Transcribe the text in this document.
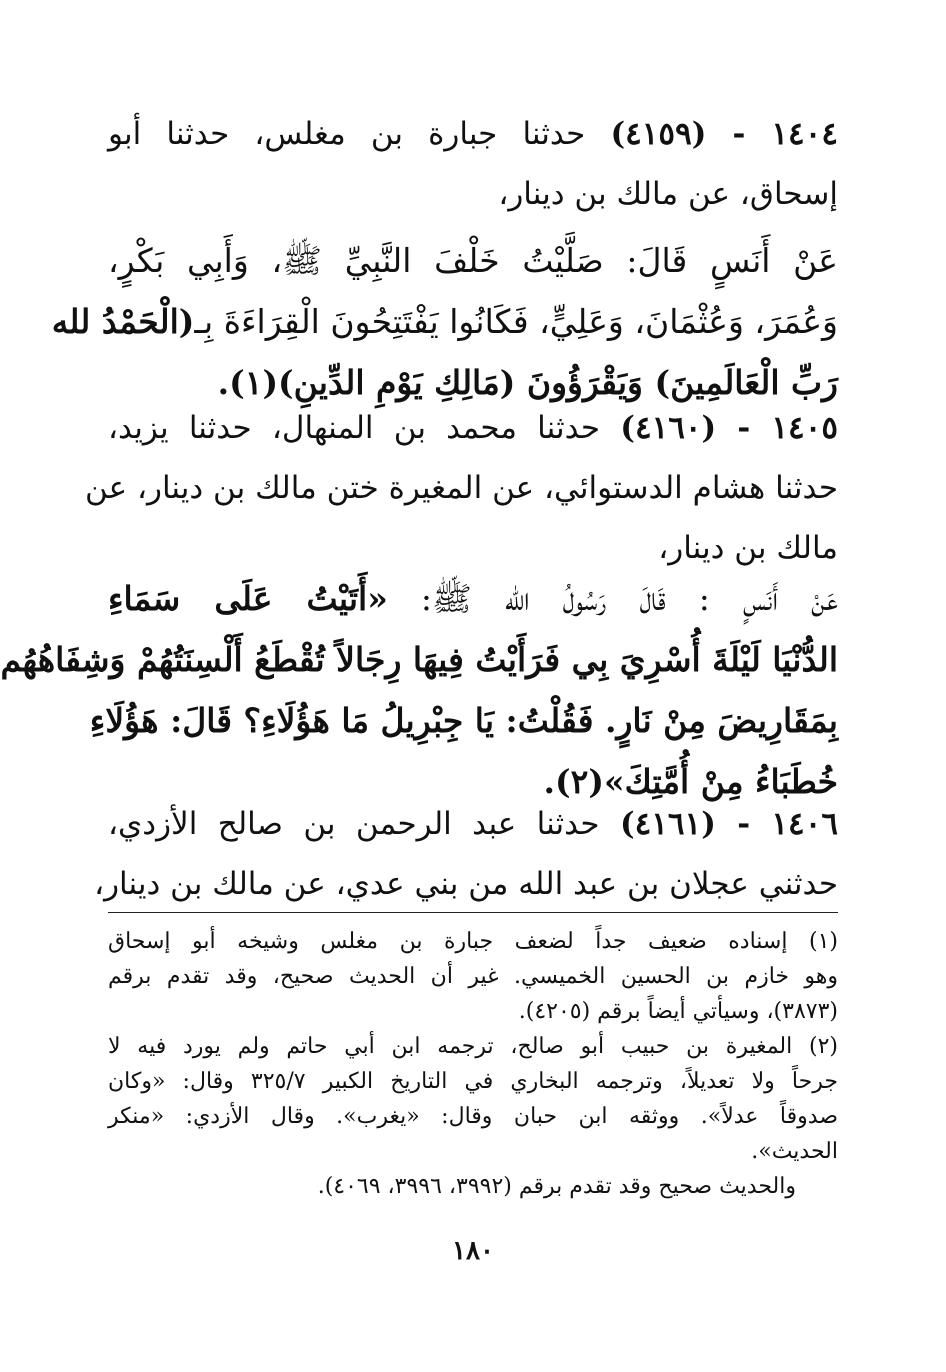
١٤٠٤ - (٤١٥٩) حدثنا جبارة بن مغلس، حدثنا أبو
إسحاق، عن مالك بن دينار،
عَنْ أَنَسٍ قَالَ: صَلَّيْتُ خَلْفَ النَّبِيِّ ﷺ، وَأَبِي بَكْرٍ،
وَعُمَرَ، وَعُثْمَانَ، وَعَلِيٍّ، فَكَانُوا يَفْتَتِحُونَ الْقِرَاءَةَ بِـ(الْحَمْدُ لله
رَبِّ الْعَالَمِينَ) وَيَقْرَؤُونَ (مَالِكِ يَوْمِ الدِّينِ)(١).
١٤٠٥ - (٤١٦٠) حدثنا محمد بن المنهال، حدثنا يزيد،
حدثنا هشام الدستوائي، عن المغيرة ختن مالك بن دينار، عن
مالك بن دينار،
عَنْ أَنَسٍ : قَالَ رَسُولُ الله ﷺ: «أَتَيْتُ عَلَى سَمَاءِ
الدُّنْيَا لَيْلَةَ أُسْرِيَ بِي فَرَأَيْتُ فِيهَا رِجَالاً تُقْطَعُ أَلْسِنَتُهُمْ وَشِفَاهُهُم
بِمَقَارِيضَ مِنْ نَارٍ. فَقُلْتُ: يَا جِبْرِيلُ مَا هَؤُلَاءِ؟ قَالَ: هَؤُلَاءِ
خُطَبَاءُ مِنْ أُمَّتِكَ»(٢).
١٤٠٦ - (٤١٦١) حدثنا عبد الرحمن بن صالح الأزدي،
حدثني عجلان بن عبد الله من بني عدي، عن مالك بن دينار،
(١) إسناده ضعيف جداً لضعف جبارة بن مغلس وشيخه أبو إسحاق
وهو خازم بن الحسين الخميسي. غير أن الحديث صحيح، وقد تقدم برقم
(٣٨٧٣)، وسيأتي أيضاً برقم (٤٢٠٥).
(٢) المغيرة بن حبيب أبو صالح، ترجمه ابن أبي حاتم ولم يورد فيه لا
جرحاً ولا تعديلاً، وترجمه البخاري في التاريخ الكبير ٣٢٥/٧ وقال: «وكان
صدوقاً عدلاً». ووثقه ابن حبان وقال: «يغرب». وقال الأزدي: «منكر
الحديث».
والحديث صحيح وقد تقدم برقم (٣٩٩٢، ٣٩٩٦، ٤٠٦٩).
١٨٠
